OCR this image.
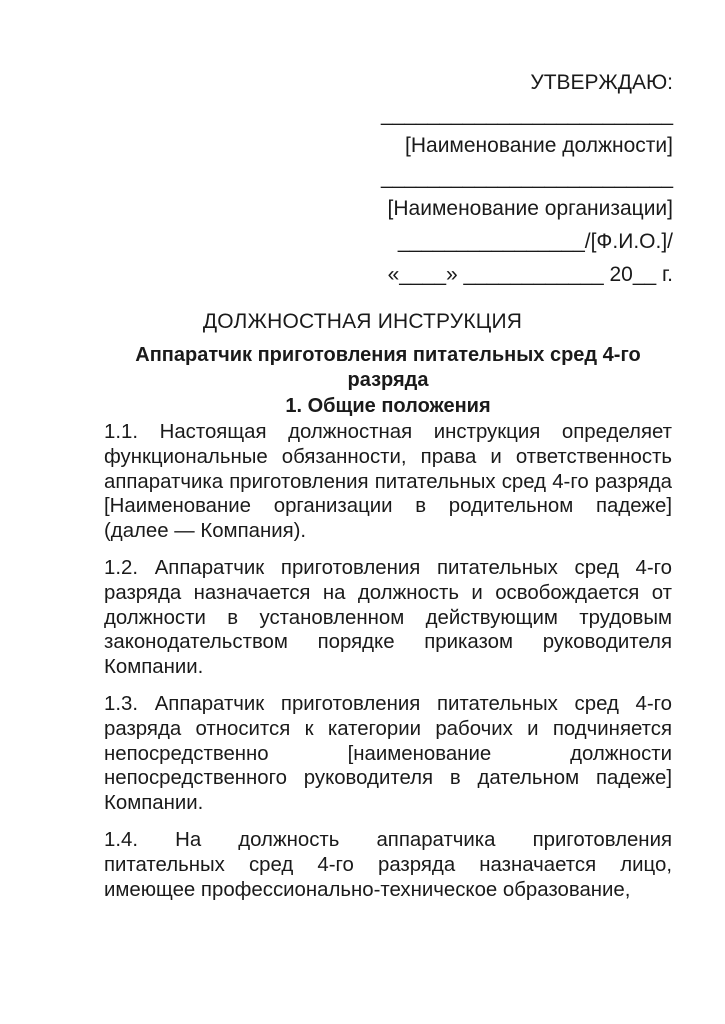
УТВЕРЖДАЮ:

_________________________

[Наименование должности]

_________________________

[Наименование организации]

________________/[Ф.И.О.]/

«____» ____________ 20__ г.

ДОЛЖНОСТНАЯ ИНСТРУКЦИЯ
Аппаратчик приготовления питательных сред 4-го разряда
1. Общие положения

1.1. Настоящая должностная инструкция определяет функциональные обязанности, права и ответственность аппаратчика приготовления питательных сред 4-го разряда [Наименование организации в родительном падеже] (далее — Компания).

1.2. Аппаратчик приготовления питательных сред 4-го разряда назначается на должность и освобождается от должности в установленном действующим трудовым законодательством порядке приказом руководителя Компании.

1.3. Аппаратчик приготовления питательных сред 4-го разряда относится к категории рабочих и подчиняется непосредственно [наименование должности непосредственного руководителя в дательном падеже] Компании.

1.4. На должность аппаратчика приготовления питательных сред 4-го разряда назначается лицо, имеющее профессионально-техническое образование,
